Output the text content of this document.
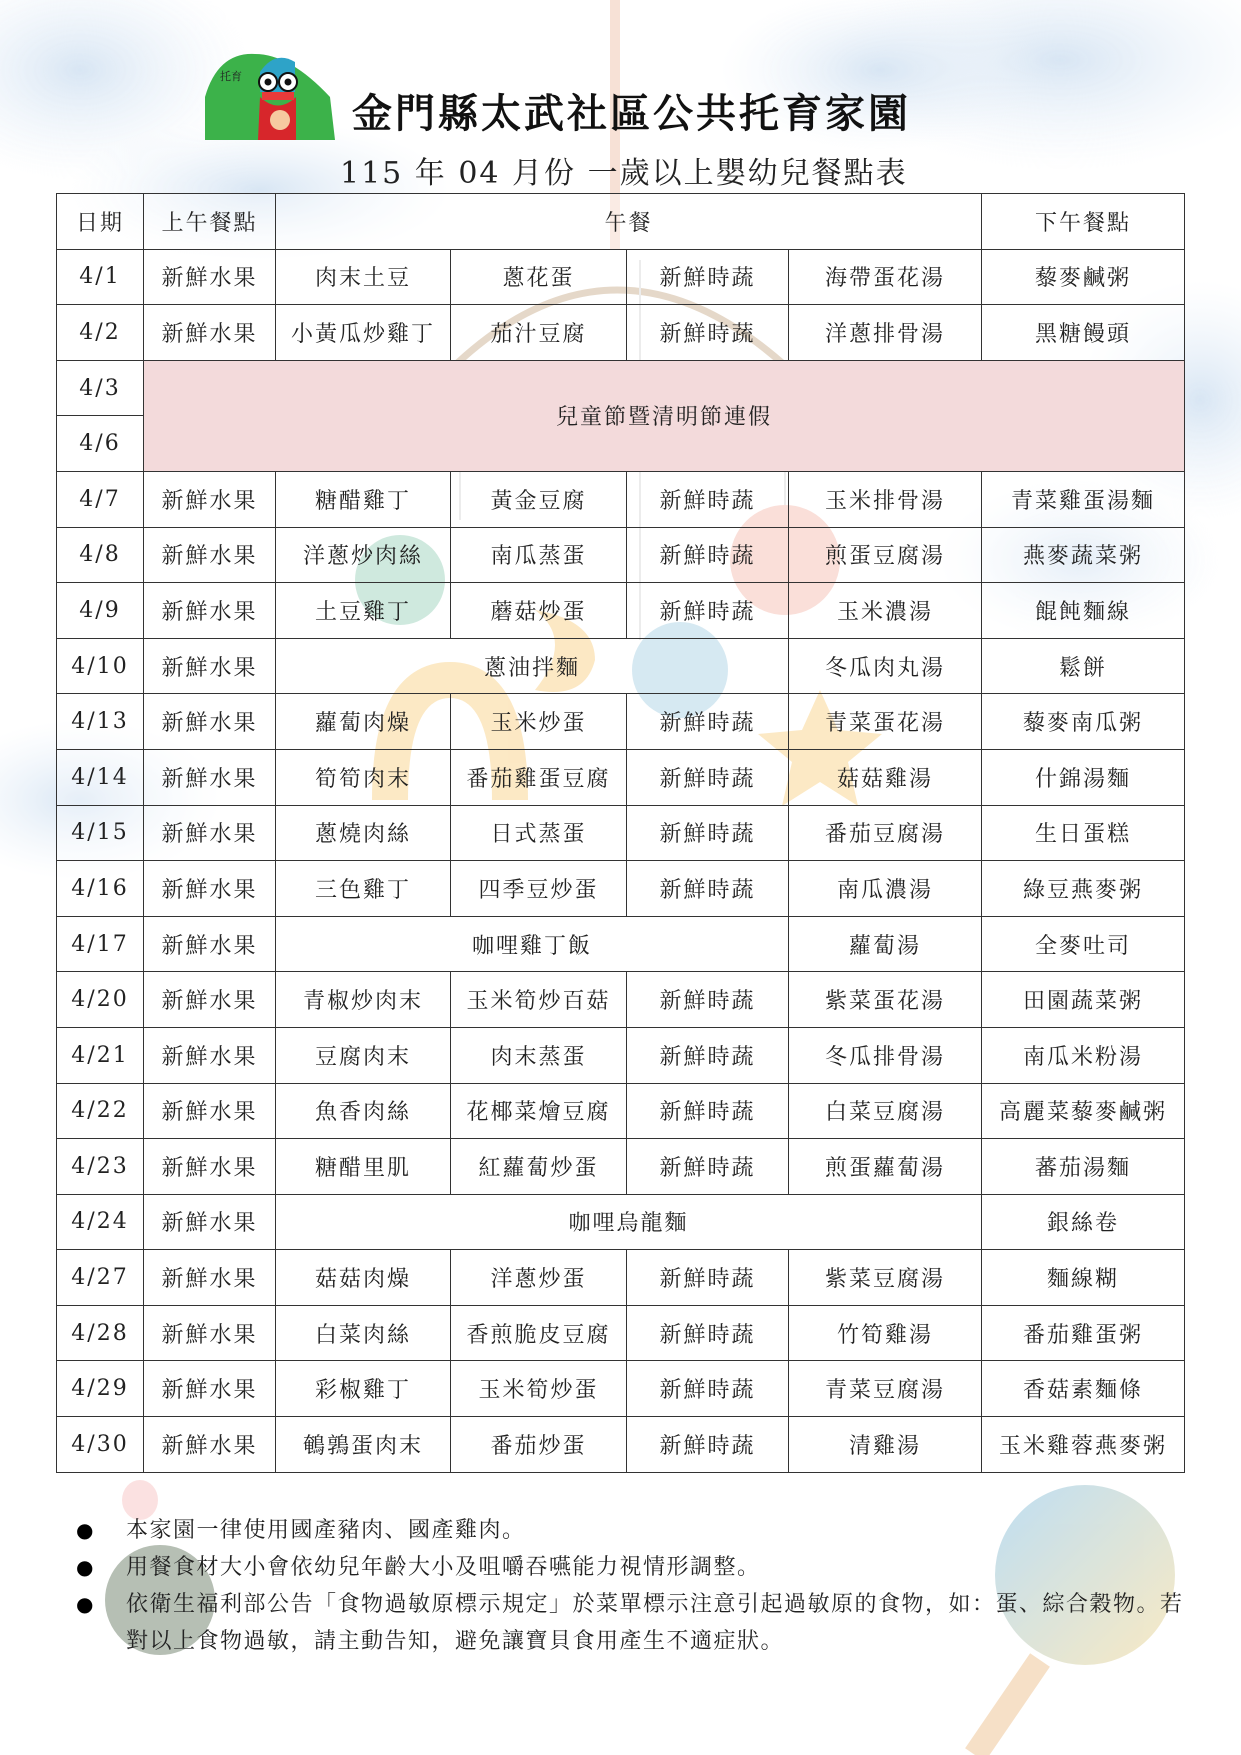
托育
金門縣太武社區公共托育家園
115 年 04 月份 一歲以上嬰幼兒餐點表
日期	上午餐點	午餐				下午餐點
4/1	新鮮水果	肉末土豆	蔥花蛋	新鮮時蔬	海帶蛋花湯	藜麥鹹粥
4/2	新鮮水果	小黃瓜炒雞丁	茄汁豆腐	新鮮時蔬	洋蔥排骨湯	黑糖饅頭
4/3	兒童節暨清明節連假					
4/6						
4/7	新鮮水果	糖醋雞丁	黃金豆腐	新鮮時蔬	玉米排骨湯	青菜雞蛋湯麵
4/8	新鮮水果	洋蔥炒肉絲	南瓜蒸蛋	新鮮時蔬	煎蛋豆腐湯	燕麥蔬菜粥
4/9	新鮮水果	土豆雞丁	蘑菇炒蛋	新鮮時蔬	玉米濃湯	餛飩麵線
4/10	新鮮水果	蔥油拌麵			冬瓜肉丸湯	鬆餅
4/13	新鮮水果	蘿蔔肉燥	玉米炒蛋	新鮮時蔬	青菜蛋花湯	藜麥南瓜粥
4/14	新鮮水果	筍筍肉末	番茄雞蛋豆腐	新鮮時蔬	菇菇雞湯	什錦湯麵
4/15	新鮮水果	蔥燒肉絲	日式蒸蛋	新鮮時蔬	番茄豆腐湯	生日蛋糕
4/16	新鮮水果	三色雞丁	四季豆炒蛋	新鮮時蔬	南瓜濃湯	綠豆燕麥粥
4/17	新鮮水果	咖哩雞丁飯			蘿蔔湯	全麥吐司
4/20	新鮮水果	青椒炒肉末	玉米筍炒百菇	新鮮時蔬	紫菜蛋花湯	田園蔬菜粥
4/21	新鮮水果	豆腐肉末	肉末蒸蛋	新鮮時蔬	冬瓜排骨湯	南瓜米粉湯
4/22	新鮮水果	魚香肉絲	花椰菜燴豆腐	新鮮時蔬	白菜豆腐湯	高麗菜藜麥鹹粥
4/23	新鮮水果	糖醋里肌	紅蘿蔔炒蛋	新鮮時蔬	煎蛋蘿蔔湯	蕃茄湯麵
4/24	新鮮水果	咖哩烏龍麵				銀絲卷
4/27	新鮮水果	菇菇肉燥	洋蔥炒蛋	新鮮時蔬	紫菜豆腐湯	麵線糊
4/28	新鮮水果	白菜肉絲	香煎脆皮豆腐	新鮮時蔬	竹筍雞湯	番茄雞蛋粥
4/29	新鮮水果	彩椒雞丁	玉米筍炒蛋	新鮮時蔬	青菜豆腐湯	香菇素麵條
4/30	新鮮水果	鵪鶉蛋肉末	番茄炒蛋	新鮮時蔬	清雞湯	玉米雞蓉燕麥粥
● 本家園一律使用國產豬肉、國產雞肉。
● 用餐食材大小會依幼兒年齡大小及咀嚼吞嚥能力視情形調整。
● 依衛生福利部公告「食物過敏原標示規定」於菜單標示注意引起過敏原的食物，如：蛋、綜合穀物。若對以上食物過敏，請主動告知，避免讓寶貝食用產生不適症狀。
